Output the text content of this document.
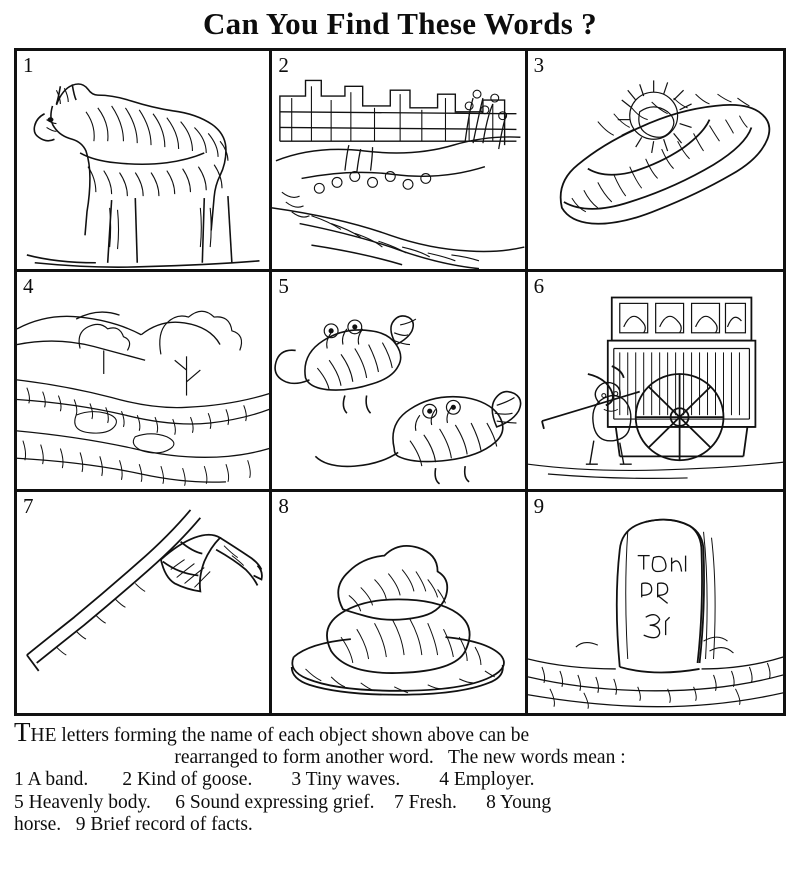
Can You Find These Words ?
1	2	3
4	5	6
7	8	9

THE letters forming the name of each object shown above can be
rearranged to form another word.   The new words mean :
1 A band.       2 Kind of goose.        3 Tiny waves.        4 Employer.
5 Heavenly body.     6 Sound expressing grief.    7 Fresh.      8 Young
horse.   9 Brief record of facts.
